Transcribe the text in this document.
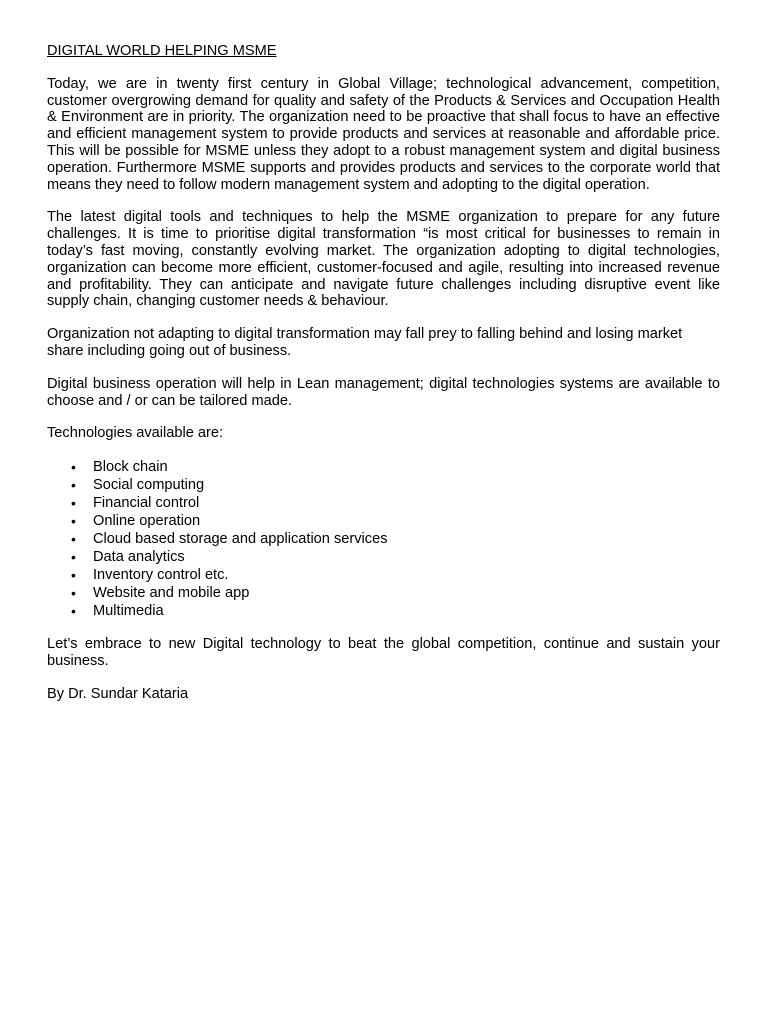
DIGITAL WORLD HELPING MSME

Today, we are in twenty first century in Global Village; technological advancement, competition, customer overgrowing demand for quality and safety of the Products & Services and Occupation Health & Environment are in priority. The organization need to be proactive that shall focus to have an effective and efficient management system to provide products and services at reasonable and affordable price. This will be possible for MSME unless they adopt to a robust management system and digital business operation. Furthermore MSME supports and provides products and services to the corporate world that means they need to follow modern management system and adopting to the digital operation.

The latest digital tools and techniques to help the MSME organization to prepare for any future challenges. It is time to prioritise digital transformation “is most critical for businesses to remain in today’s fast moving, constantly evolving market. The organization adopting to digital technologies, organization can become more efficient, customer-focused and agile, resulting into increased revenue and profitability. They can anticipate and navigate future challenges including disruptive event like supply chain, changing customer needs & behaviour.

Organization not adapting to digital transformation may fall prey to falling behind and losing market share including going out of business.

Digital business operation will help in Lean management; digital technologies systems are available to choose and / or can be tailored made.

Technologies available are:

• Block chain
• Social computing
• Financial control
• Online operation
• Cloud based storage and application services
• Data analytics
• Inventory control etc.
• Website and mobile app
• Multimedia

Let’s embrace to new Digital technology to beat the global competition, continue and sustain your business.

By Dr. Sundar Kataria
